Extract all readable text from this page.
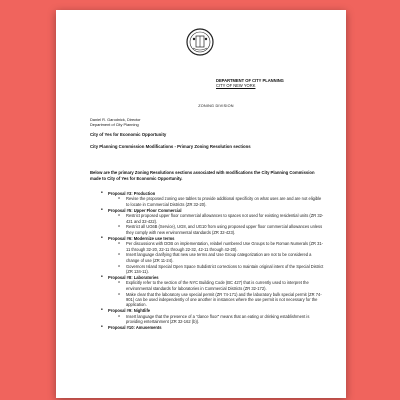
DEPARTMENT OF CITY PLANNING
CITY OF NEW YORK
ZONING DIVISION
Daniel R. Garodnick, Director
Department of City Planning
City of Yes for Economic Opportunity
City Planning Commission Modifications - Primary Zoning Resolution sections
Below are the primary Zoning Resolutions sections associated with modifications the City Planning Commission made to City of Yes for Economic Opportunity.
• Proposal #3: Production
o Revise the proposed zoning use tables to provide additional specificity on what uses are and are not eligible to locate in Commercial Districts (ZR 32-20).
• Proposal #5: Upper Floor Commercial
o Restrict proposed upper floor commercial allowances to spaces not used for existing residential units (ZR 32-421 and 32-422).
o Restrict all UG6B (Service), UG8, and UG10 from using proposed upper floor commercial allowances unless they comply with new environmental standards (ZR 32-423).
• Proposal #6: Modernize use terms
o Per discussions with DOB on implementation, relabel numbered Use Groups to be Roman Numerals (ZR 31-11 through 32-20, 22-11 through 22-32, 42-11 through 42-20).
o Insert language clarifying that new use terms and Use Group categorization are not to be considered a change of use (ZR 11-24).
o Governors Island Special Open Space Subdistrict corrections to maintain original intent of the Special District (ZR 134-11).
• Proposal #8: Laboratories
o Explicitly refer to the section of the NYC Building Code (BC 427) that is currently used to interpret the environmental standards for laboratories in Commercial Districts (ZR 32-172).
o Make clear that the laboratory use special permit (ZR 74-171) and the laboratory bulk special permit (ZR 74-901) can be used independently of one another in instances where the use permit is not necessary for the application.
• Proposal #9: Nightlife
o Insert language that the presence of a "dance floor" means that an eating or drinking establishment is providing entertainment (ZR 32-162 (b)).
• Proposal #10: Amusements
